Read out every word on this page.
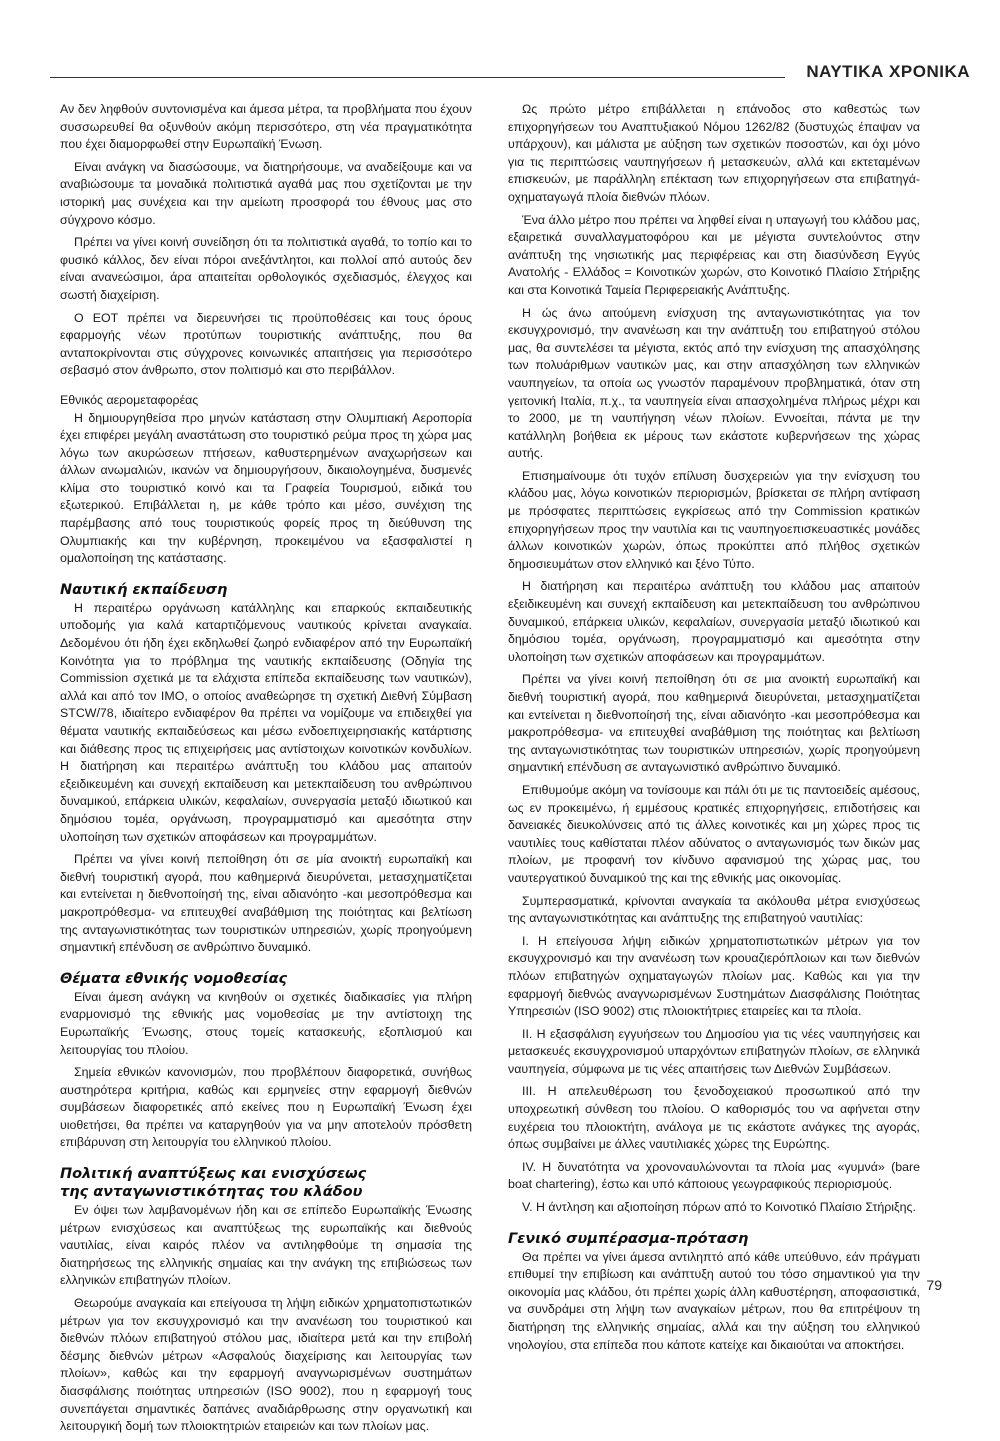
ΝΑΥΤΙΚΑ ΧΡΟΝΙΚΑ

Αν δεν ληφθούν συντονισμένα και άμεσα μέτρα, τα προβλήματα που έχουν συσσωρευθεί θα οξυνθούν ακόμη περισσότερο, στη νέα πραγματικότητα που έχει διαμορφωθεί στην Ευρωπαϊκή Ένωση.

Είναι ανάγκη να διασώσουμε, να διατηρήσουμε, να αναδείξουμε και να αναβιώσουμε τα μοναδικά πολιτιστικά αγαθά μας που σχετίζονται με την ιστορική μας συνέχεια και την αμείωτη προσφορά του έθνους μας στο σύγχρονο κόσμο.

Πρέπει να γίνει κοινή συνείδηση ότι τα πολιτιστικά αγαθά, το τοπίο και το φυσικό κάλλος, δεν είναι πόροι ανεξάντλητοι, και πολλοί από αυτούς δεν είναι ανανεώσιμοι, άρα απαιτείται ορθολογικός σχεδιασμός, έλεγχος και σωστή διαχείριση.

Ο ΕΟΤ πρέπει να διερευνήσει τις προϋποθέσεις και τους όρους εφαρμογής νέων προτύπων τουριστικής ανάπτυξης, που θα ανταποκρίνονται στις σύγχρονες κοινωνικές απαιτήσεις για περισσότερο σεβασμό στον άνθρωπο, στον πολιτισμό και στο περιβάλλον.

Εθνικός αερομεταφορέας

Η δημιουργηθείσα προ μηνών κατάσταση στην Ολυμπιακή Αεροπορία έχει επιφέρει μεγάλη αναστάτωση στο τουριστικό ρεύμα προς τη χώρα μας λόγω των ακυρώσεων πτήσεων, καθυστερημένων αναχωρήσεων και άλλων ανωμαλιών, ικανών να δημιουργήσουν, δικαιολογημένα, δυσμενές κλίμα στο τουριστικό κοινό και τα Γραφεία Τουρισμού, ειδικά του εξωτερικού. Επιβάλλεται η, με κάθε τρόπο και μέσο, συνέχιση της παρέμβασης από τους τουριστικούς φορείς προς τη διεύθυνση της Ολυμπιακής και την κυβέρνηση, προκειμένου να εξασφαλιστεί η ομαλοποίηση της κατάστασης.

Ναυτική εκπαίδευση

Η περαιτέρω οργάνωση κατάλληλης και επαρκούς εκπαιδευτικής υποδομής για καλά καταρτιζόμενους ναυτικούς κρίνεται αναγκαία. Δεδομένου ότι ήδη έχει εκδηλωθεί ζωηρό ενδιαφέρον από την Ευρωπαϊκή Κοινότητα για το πρόβλημα της ναυτικής εκπαίδευσης (Οδηγία της Commission σχετικά με τα ελάχιστα επίπεδα εκπαίδευσης των ναυτικών), αλλά και από τον ΙΜΟ, ο οποίος αναθεώρησε τη σχετική Διεθνή Σύμβαση STCW/78, ιδιαίτερο ενδιαφέρον θα πρέπει να νομίζουμε να επιδειχθεί για θέματα ναυτικής εκπαιδεύσεως και μέσω ενδοεπιχειρησιακής κατάρτισης και διάθεσης προς τις επιχειρήσεις μας αντίστοιχων κοινοτικών κονδυλίων. Η διατήρηση και περαιτέρω ανάπτυξη του κλάδου μας απαιτούν εξειδικευμένη και συνεχή εκπαίδευση και μετεκπαίδευση του ανθρώπινου δυναμικού, επάρκεια υλικών, κεφαλαίων, συνεργασία μεταξύ ιδιωτικού και δημόσιου τομέα, οργάνωση, προγραμματισμό και αμεσότητα στην υλοποίηση των σχετικών αποφάσεων και προγραμμάτων.

Πρέπει να γίνει κοινή πεποίθηση ότι σε μία ανοικτή ευρωπαϊκή και διεθνή τουριστική αγορά, που καθημερινά διευρύνεται, μετασχηματίζεται και εντείνεται η διεθνοποίησή της, είναι αδιανόητο -και μεσοπρόθεσμα και μακροπρόθεσμα- να επιτευχθεί αναβάθμιση της ποιότητας και βελτίωση της ανταγωνιστικότητας των τουριστικών υπηρεσιών, χωρίς προηγούμενη σημαντική επένδυση σε ανθρώπινο δυναμικό.

Θέματα εθνικής νομοθεσίας

Είναι άμεση ανάγκη να κινηθούν οι σχετικές διαδικασίες για πλήρη εναρμονισμό της εθνικής μας νομοθεσίας με την αντίστοιχη της Ευρωπαϊκής Ένωσης, στους τομείς κατασκευής, εξοπλισμού και λειτουργίας του πλοίου.

Σημεία εθνικών κανονισμών, που προβλέπουν διαφορετικά, συνήθως αυστηρότερα κριτήρια, καθώς και ερμηνείες στην εφαρμογή διεθνών συμβάσεων διαφορετικές από εκείνες που η Ευρωπαϊκή Ένωση έχει υιοθετήσει, θα πρέπει να καταργηθούν για να μην αποτελούν πρόσθετη επιβάρυνση στη λειτουργία του ελληνικού πλοίου.

Πολιτική αναπτύξεως και ενισχύσεως
της ανταγωνιστικότητας του κλάδου

Εν όψει των λαμβανομένων ήδη και σε επίπεδο Ευρωπαϊκής Ένωσης μέτρων ενισχύσεως και αναπτύξεως της ευρωπαϊκής και διεθνούς ναυτιλίας, είναι καιρός πλέον να αντιληφθούμε τη σημασία της διατηρήσεως της ελληνικής σημαίας και την ανάγκη της επιβιώσεως των ελληνικών επιβατηγών πλοίων.

Θεωρούμε αναγκαία και επείγουσα τη λήψη ειδικών χρηματοπιστωτικών μέτρων για τον εκσυγχρονισμό και την ανανέωση του τουριστικού και διεθνών πλόων επιβατηγού στόλου μας, ιδιαίτερα μετά και την επιβολή δέσμης διεθνών μέτρων «Ασφαλούς διαχείρισης και λειτουργίας των πλοίων», καθώς και την εφαρμογή αναγνωρισμένων συστημάτων διασφάλισης ποιότητας υπηρεσιών (ISO 9002), που η εφαρμογή τους συνεπάγεται σημαντικές δαπάνες αναδιάρθρωσης στην οργανωτική και λειτουργική δομή των πλοιοκτητριών εταιρειών και των πλοίων μας.

Ως πρώτο μέτρο επιβάλλεται η επάνοδος στο καθεστώς των επιχορηγήσεων του Αναπτυξιακού Νόμου 1262/82 (δυστυχώς έπαψαν να υπάρχουν), και μάλιστα με αύξηση των σχετικών ποσοστών, και όχι μόνο για τις περιπτώσεις ναυπηγήσεων ή μετασκευών, αλλά και εκτεταμένων επισκευών, με παράλληλη επέκταση των επιχορηγήσεων στα επιβατηγά-οχηματαγωγά πλοία διεθνών πλόων.

Ένα άλλο μέτρο που πρέπει να ληφθεί είναι η υπαγωγή του κλάδου μας, εξαιρετικά συναλλαγματοφόρου και με μέγιστα συντελούντος στην ανάπτυξη της νησιωτικής μας περιφέρειας και στη διασύνδεση Εγγύς Ανατολής - Ελλάδος = Κοινοτικών χωρών, στο Κοινοτικό Πλαίσιο Στήριξης και στα Κοινοτικά Ταμεία Περιφερειακής Ανάπτυξης.

Η ώς άνω αιτούμενη ενίσχυση της ανταγωνιστικότητας για τον εκσυγχρονισμό, την ανανέωση και την ανάπτυξη του επιβατηγού στόλου μας, θα συντελέσει τα μέγιστα, εκτός από την ενίσχυση της απασχόλησης των πολυάριθμων ναυτικών μας, και στην απασχόληση των ελληνικών ναυπηγείων, τα οποία ως γνωστόν παραμένουν προβληματικά, όταν στη γειτονική Ιταλία, π.χ., τα ναυπηγεία είναι απασχολημένα πλήρως μέχρι και το 2000, με τη ναυπήγηση νέων πλοίων. Εννοείται, πάντα με την κατάλληλη βοήθεια εκ μέρους των εκάστοτε κυβερνήσεων της χώρας αυτής.

Επισημαίνουμε ότι τυχόν επίλυση δυσχερειών για την ενίσχυση του κλάδου μας, λόγω κοινοτικών περιορισμών, βρίσκεται σε πλήρη αντίφαση με πρόσφατες περιπτώσεις εγκρίσεως από την Commission κρατικών επιχορηγήσεων προς την ναυτιλία και τις ναυπηγοεπισκευαστικές μονάδες άλλων κοινοτικών χωρών, όπως προκύπτει από πλήθος σχετικών δημοσιευμάτων στον ελληνικό και ξένο Τύπο.

Η διατήρηση και περαιτέρω ανάπτυξη του κλάδου μας απαιτούν εξειδικευμένη και συνεχή εκπαίδευση και μετεκπαίδευση του ανθρώπινου δυναμικού, επάρκεια υλικών, κεφαλαίων, συνεργασία μεταξύ ιδιωτικού και δημόσιου τομέα, οργάνωση, προγραμματισμό και αμεσότητα στην υλοποίηση των σχετικών αποφάσεων και προγραμμάτων.

Πρέπει να γίνει κοινή πεποίθηση ότι σε μια ανοικτή ευρωπαϊκή και διεθνή τουριστική αγορά, που καθημερινά διευρύνεται, μετασχηματίζεται και εντείνεται η διεθνοποίησή της, είναι αδιανόητο -και μεσοπρόθεσμα και μακροπρόθεσμα- να επιτευχθεί αναβάθμιση της ποιότητας και βελτίωση της ανταγωνιστικότητας των τουριστικών υπηρεσιών, χωρίς προηγούμενη σημαντική επένδυση σε ανταγωνιστικό ανθρώπινο δυναμικό.

Επιθυμούμε ακόμη να τονίσουμε και πάλι ότι με τις παντοειδείς αμέσους, ως εν προκειμένω, ή εμμέσους κρατικές επιχορηγήσεις, επιδοτήσεις και δανειακές διευκολύνσεις από τις άλλες κοινοτικές και μη χώρες προς τις ναυτιλίες τους καθίσταται πλέον αδύνατος ο ανταγωνισμός των δικών μας πλοίων, με προφανή τον κίνδυνο αφανισμού της χώρας μας, του ναυτεργατικού δυναμικού της και της εθνικής μας οικονομίας.

Συμπερασματικά, κρίνονται αναγκαία τα ακόλουθα μέτρα ενισχύσεως της ανταγωνιστικότητας και ανάπτυξης της επιβατηγού ναυτιλίας:

Ι. Η επείγουσα λήψη ειδικών χρηματοπιστωτικών μέτρων για τον εκσυγχρονισμό και την ανανέωση των κρουαζιερόπλοιων και των διεθνών πλόων επιβατηγών οχηματαγωγών πλοίων μας. Καθώς και για την εφαρμογή διεθνώς αναγνωρισμένων Συστημάτων Διασφάλισης Ποιότητας Υπηρεσιών (ISO 9002) στις πλοιοκτήτριες εταιρείες και τα πλοία.

ΙΙ. Η εξασφάλιση εγγυήσεων του Δημοσίου για τις νέες ναυπηγήσεις και μετασκευές εκσυγχρονισμού υπαρχόντων επιβατηγών πλοίων, σε ελληνικά ναυπηγεία, σύμφωνα με τις νέες απαιτήσεις των Διεθνών Συμβάσεων.

ΙΙΙ. Η απελευθέρωση του ξενοδοχειακού προσωπικού από την υποχρεωτική σύνθεση του πλοίου. Ο καθορισμός του να αφήνεται στην ευχέρεια του πλοιοκτήτη, ανάλογα με τις εκάστοτε ανάγκες της αγοράς, όπως συμβαίνει με άλλες ναυτιλιακές χώρες της Ευρώπης.

IV. Η δυνατότητα να χρονοναυλώνονται τα πλοία μας «γυμνά» (bare boat chartering), έστω και υπό κάποιους γεωγραφικούς περιορισμούς.

V. Η άντληση και αξιοποίηση πόρων από το Κοινοτικό Πλαίσιο Στήριξης.

Γενικό συμπέρασμα-πρόταση

Θα πρέπει να γίνει άμεσα αντιληπτό από κάθε υπεύθυνο, εάν πράγματι επιθυμεί την επιβίωση και ανάπτυξη αυτού του τόσο σημαντικού για την οικονομία μας κλάδου, ότι πρέπει χωρίς άλλη καθυστέρηση, αποφασιστικά, να συνδράμει στη λήψη των αναγκαίων μέτρων, που θα επιτρέψουν τη διατήρηση της ελληνικής σημαίας, αλλά και την αύξηση του ελληνικού νηολογίου, στα επίπεδα που κάποτε κατείχε και δικαιούται να αποκτήσει.

79
